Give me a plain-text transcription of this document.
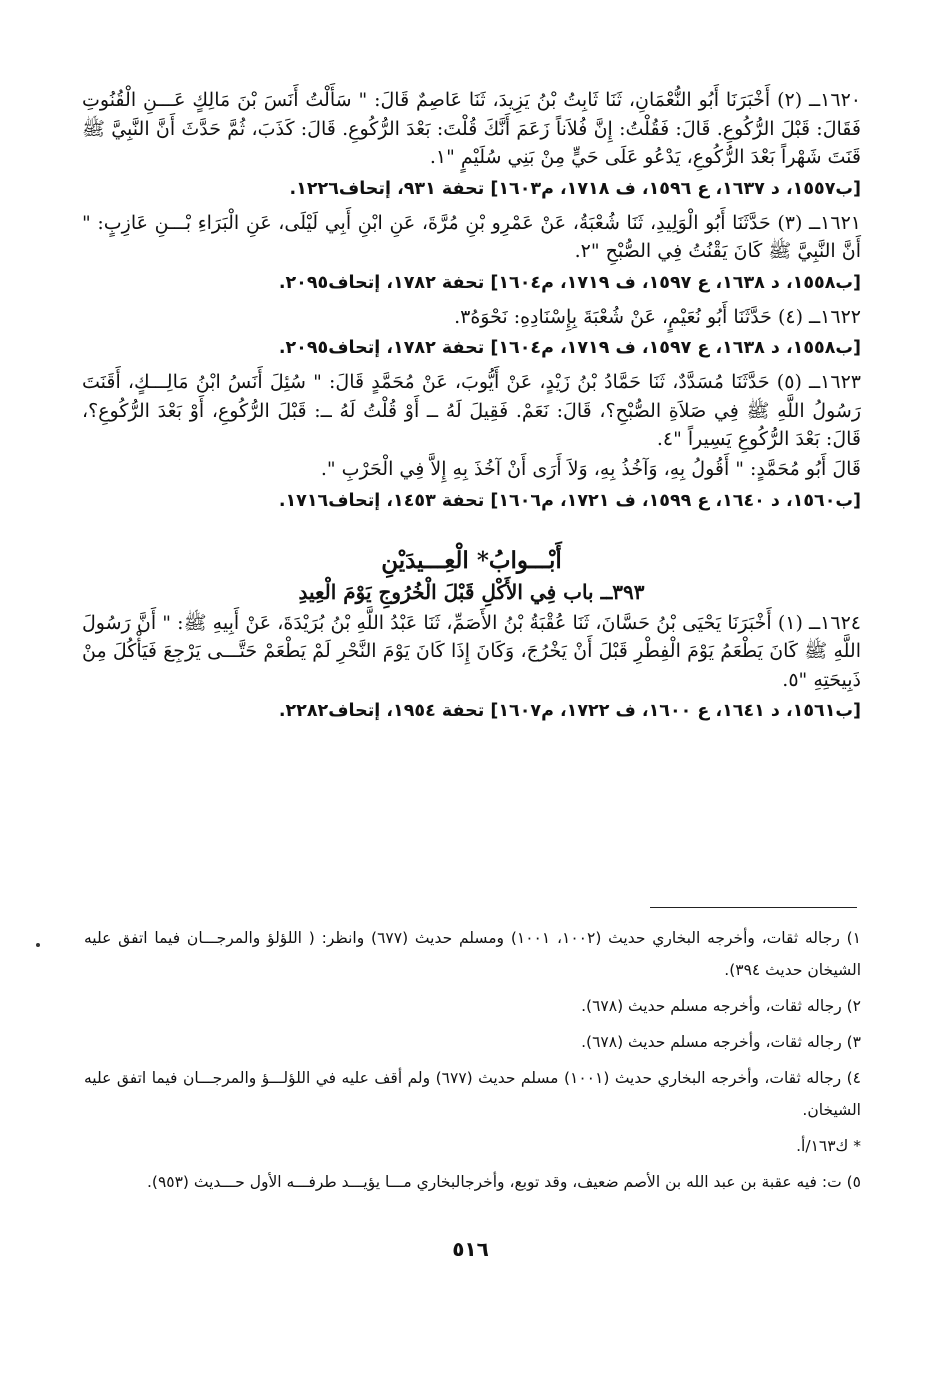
١٦٢٠ــ (٢) أَخْبَرَنَا أَبُو النُّعْمَانِ، ثَنَا ثَابِتُ بْنُ يَزِيدَ، ثَنَا عَاصِمٌ قَالَ: " سَأَلْتُ أَنَسَ بْنَ مَالِكٍ عَـــنِ الْقُنُوتِ فَقَالَ: قَبْلَ الرُّكُوعِ. قَالَ: فَقُلْتُ: إِنَّ فُلاَناً زَعَمَ أَنَّكَ قُلْتَ: بَعْدَ الرُّكُوعِ. قَالَ: كَذَبَ، ثُمَّ حَدَّثَ أَنَّ النَّبِيَّ ﷺ قَنَتَ شَهْراً بَعْدَ الرُّكُوعِ، يَدْعُو عَلَى حَيٍّ مِنْ بَنِي سُلَيْمٍ "١.

[ب١٥٥٧، د ١٦٣٧، ع ١٥٩٦، ف ١٧١٨، م١٦٠٣] تحفة ٩٣١، إتحاف١٢٢٦.

١٦٢١ــ (٣) حَدَّثَنَا أَبُو الْوَلِيدِ، ثَنَا شُعْبَةُ، عَنْ عَمْرِو بْنِ مُرَّةَ، عَنِ ابْنِ أَبِي لَيْلَى، عَنِ الْبَرَاءِ بْـــنِ عَازِبٍ: " أَنَّ النَّبِيَّ ﷺ كَانَ يَقْنُتُ فِي الصُّبْحِ "٢.

[ب١٥٥٨، د ١٦٣٨، ع ١٥٩٧، ف ١٧١٩، م١٦٠٤] تحفة ١٧٨٢، إتحاف٢٠٩٥.

١٦٢٢ــ (٤) حَدَّثَنَا أَبُو نُعَيْمٍ، عَنْ شُعْبَةَ بِإِسْنَادِهِ: نَحْوَهُ٣.

[ب١٥٥٨، د ١٦٣٨، ع ١٥٩٧، ف ١٧١٩، م١٦٠٤] تحفة ١٧٨٢، إتحاف٢٠٩٥.

١٦٢٣ــ (٥) حَدَّثَنَا مُسَدَّدٌ، ثَنَا حَمَّادُ بْنُ زَيْدٍ، عَنْ أَيُّوبَ، عَنْ مُحَمَّدٍ قَالَ: " سُئِلَ أَنَسُ ابْنُ مَالِـــكٍ، أَقَنَتَ رَسُولُ اللَّهِ ﷺ فِي صَلاَةِ الصُّبْحِ؟، قَالَ: نَعَمْ. فَقِيلَ لَهُ ــ أَوْ قُلْتُ لَهُ ــ: قَبْلَ الرُّكُوعِ، أَوْ بَعْدَ الرُّكُوعِ؟، قَالَ: بَعْدَ الرُّكُوعِ يَسِيراً "٤.

قَالَ أَبُو مُحَمَّدٍ: " أَقُولُ بِهِ، وَآخُذُ بِهِ، وَلاَ أَرَى أَنْ آخُذَ بِهِ إِلاَّ فِي الْحَرْبِ ".

[ب١٥٦٠، د ١٦٤٠، ع ١٥٩٩، ف ١٧٢١، م١٦٠٦] تحفة ١٤٥٣، إتحاف١٧١٦.

أَبْـــوابُ* الْعِـــيدَيْنِ
٣٩٣ــ باب فِي الأَكْلِ قَبْلَ الْخُرُوجِ يَوْمَ الْعِيدِ

١٦٢٤ــ (١) أَخْبَرَنَا يَحْيَى بْنُ حَسَّانَ، ثَنَا عُقْبَةُ بْنُ الأَصَمِّ، ثَنَا عَبْدُ اللَّهِ بْنُ بُرَيْدَةَ، عَنْ أَبِيهِ ﷺ: " أَنَّ رَسُولَ اللَّهِ ﷺ كَانَ يَطْعَمُ يَوْمَ الْفِطْرِ قَبْلَ أَنْ يَخْرُجَ، وَكَانَ إِذَا كَانَ يَوْمَ النَّحْرِ لَمْ يَطْعَمْ حَتَّـــى يَرْجِعَ فَيَأْكُلَ مِنْ ذَبِيحَتِهِ "٥.

[ب١٥٦١، د ١٦٤١، ع ١٦٠٠، ف ١٧٢٢، م١٦٠٧] تحفة ١٩٥٤، إتحاف٢٢٨٢.

١) رجاله ثقات، وأخرجه البخاري حديث (١٠٠٢، ١٠٠١) ومسلم حديث (٦٧٧) وانظر: ( اللؤلؤ والمرجـــان فيما اتفق عليه الشيخان حديث ٣٩٤).

٢) رجاله ثقات، وأخرجه مسلم حديث (٦٧٨).

٣) رجاله ثقات، وأخرجه مسلم حديث (٦٧٨).

٤) رجاله ثقات، وأخرجه البخاري حديث (١٠٠١) مسلم حديث (٦٧٧) ولم أقف عليه في اللؤلـــؤ والمرجـــان فيما اتفق عليه الشيخان.

* ك١٦٣/أ.

٥) ت: فيه عقبة بن عبد الله بن الأصم ضعيف، وقد توبع، وأخرجالبخاري مـــا يؤيـــد طرفـــه الأول حـــديث (٩٥٣).

٥١٦
